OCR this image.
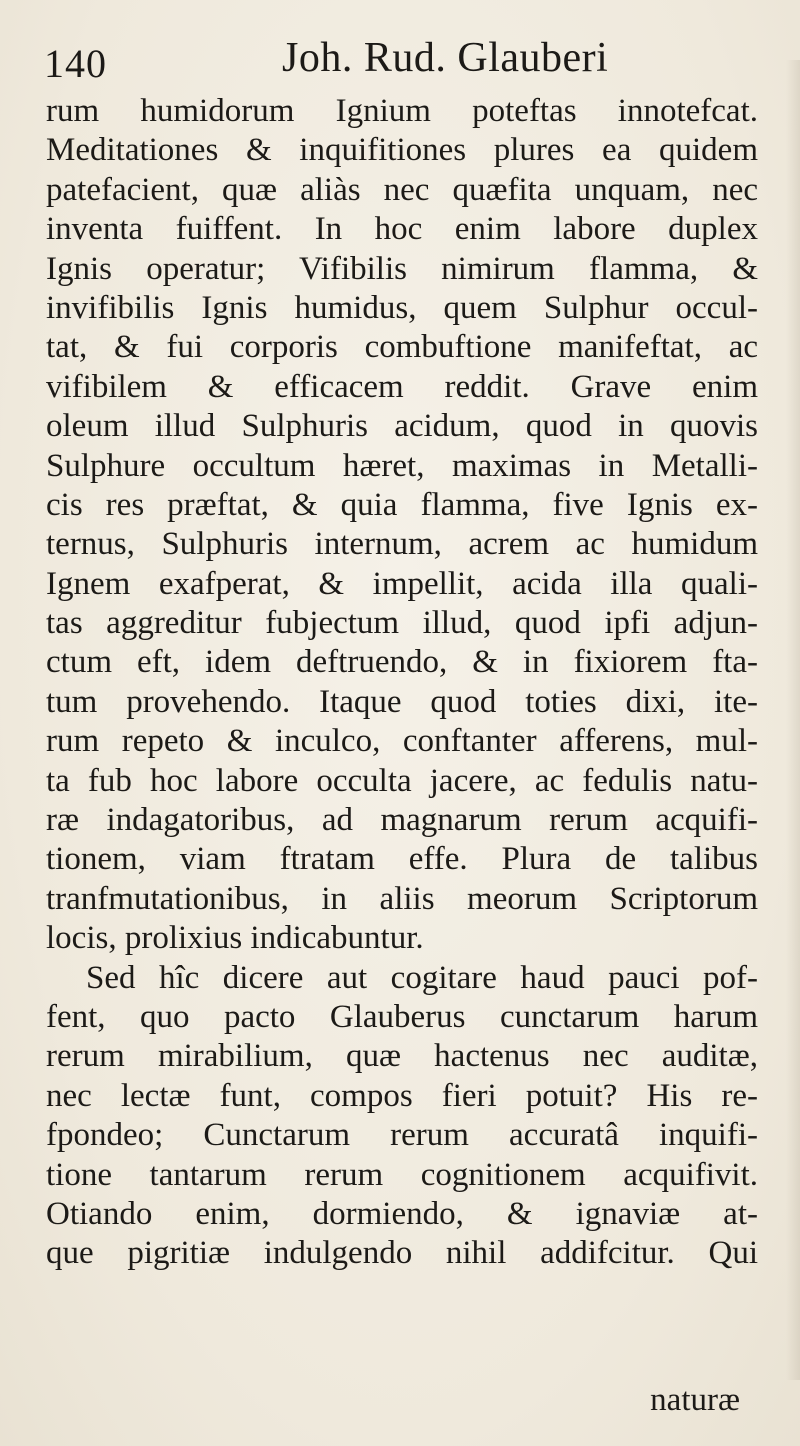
140	Joh. Rud. Glauberi
rum humidorum Ignium poteftas innotefcat.
Meditationes & inquifitiones plures ea quidem
patefacient, quæ aliàs nec quæfita unquam, nec
inventa fuiffent. In hoc enim labore duplex
Ignis operatur; Vifibilis nimirum flamma, &
invifibilis Ignis humidus, quem Sulphur occul-
tat, & fui corporis combuftione manifeftat, ac
vifibilem & efficacem reddit. Grave enim
oleum illud Sulphuris acidum, quod in quovis
Sulphure occultum hæret, maximas in Metalli-
cis res præftat, & quia flamma, five Ignis ex-
ternus, Sulphuris internum, acrem ac humidum
Ignem exafperat, & impellit, acida illa quali-
tas aggreditur fubjectum illud, quod ipfi adjun-
ctum eft, idem deftruendo, & in fixiorem fta-
tum provehendo. Itaque quod toties dixi, ite-
rum repeto & inculco, conftanter afferens, mul-
ta fub hoc labore occulta jacere, ac fedulis natu-
ræ indagatoribus, ad magnarum rerum acquifi-
tionem, viam ftratam effe. Plura de talibus
tranfmutationibus, in aliis meorum Scriptorum
locis, prolixius indicabuntur.
Sed hîc dicere aut cogitare haud pauci pof-
fent, quo pacto Glauberus cunctarum harum
rerum mirabilium, quæ hactenus nec auditæ,
nec lectæ funt, compos fieri potuit? His re-
fpondeo; Cunctarum rerum accuratâ inquifi-
tione tantarum rerum cognitionem acquifivit.
Otiando enim, dormiendo, & ignaviæ at-
que pigritiæ indulgendo nihil addifcitur. Qui
naturæ
